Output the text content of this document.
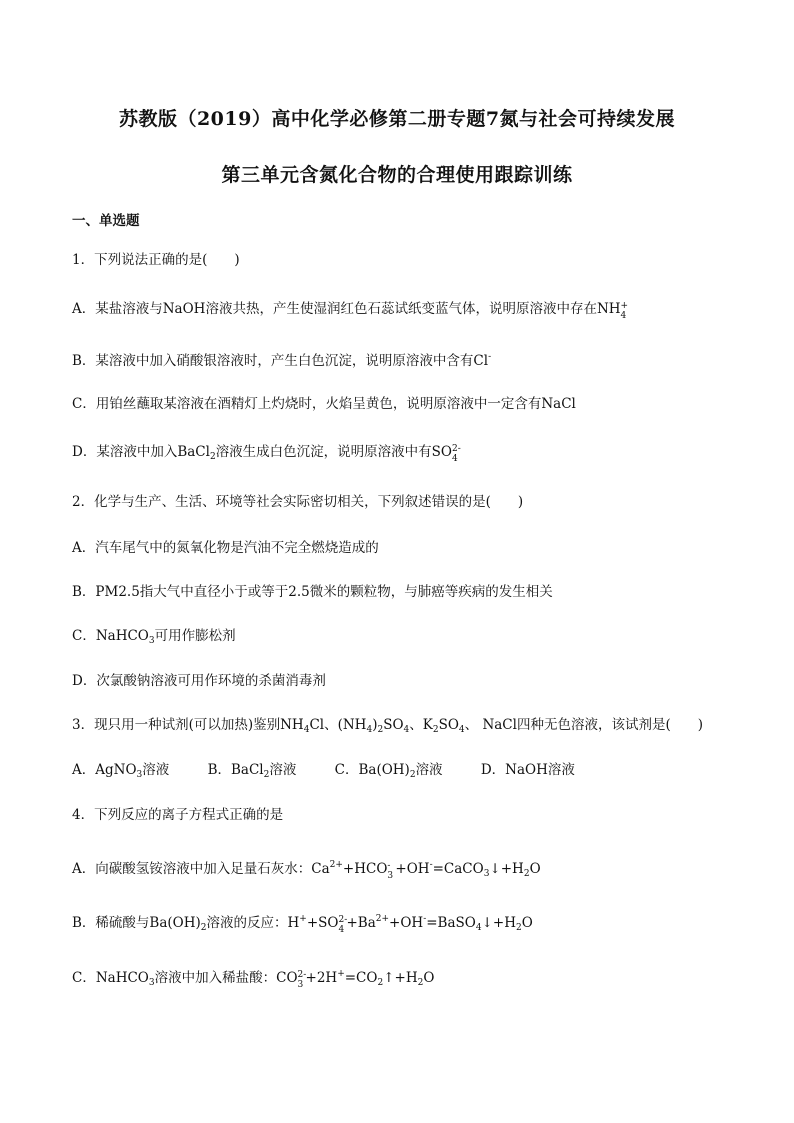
苏教版（2019）高中化学必修第二册专题7氮与社会可持续发展
第三单元含氮化合物的合理使用跟踪训练
一、单选题
1．下列说法正确的是(　　)
A．某盐溶液与NaOH溶液共热，产生使湿润红色石蕊试纸变蓝气体，说明原溶液中存在NH +
4
B．某溶液中加入硝酸银溶液时，产生白色沉淀，说明原溶液中含有Cl-
C．用铂丝蘸取某溶液在酒精灯上灼烧时，火焰呈黄色，说明原溶液中一定含有NaCl
D．某溶液中加入BaCl$_2$溶液生成白色沉淀，说明原溶液中有SO 2-
4
2．化学与生产、生活、环境等社会实际密切相关，下列叙述错误的是(　　)
A．汽车尾气中的氮氧化物是汽油不完全燃烧造成的
B．PM2.5指大气中直径小于或等于2.5微米的颗粒物，与肺癌等疾病的发生相关
C．NaHCO$_3$可用作膨松剂
D．次氯酸钠溶液可用作环境的杀菌消毒剂
3．现只用一种试剂(可以加热)鉴别$NH_4Cl$、$(NH_4)_2SO_4$、$K_2SO_4$、 NaCl四种无色溶液，该试剂是(　　)
A．AgNO$_3$溶液	B．BaCl$_2$溶液	C．$Ba(OH)_2$溶液	D．NaOH溶液
4．下列反应的离子方程式正确的是
A．向碳酸氢铵溶液中加入足量石灰水：$Ca^{2+}+HCO$ -
$3 +OH^-=CaCO_3↓+H_2O$
B．稀硫酸与$Ba(OH)_2$溶液的反应：H++SO 2-
$4 +Ba^{2+}+OH^-=BaSO_4↓+H_2O$
C．NaHCO$_3$溶液中加入稀盐酸：CO 2-
$3 +2H^+=CO_2↑+H_2O$
